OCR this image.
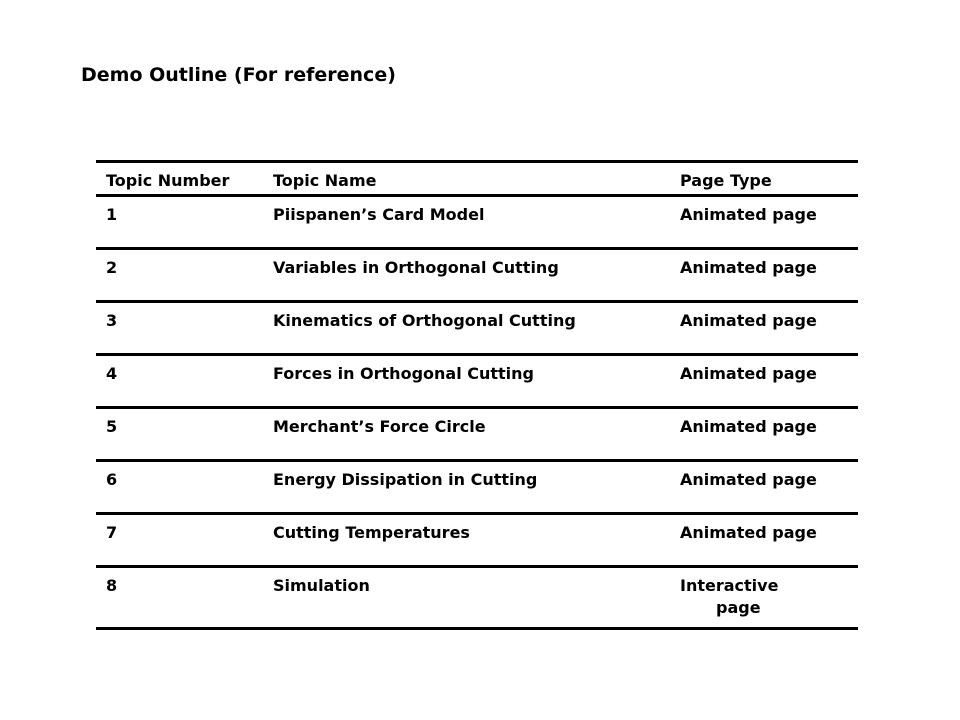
Demo Outline (For reference)
Topic Number	Topic Name	Page Type
1	Piispanen’s Card Model	Animated page
2	Variables in Orthogonal Cutting	Animated page
3	Kinematics of Orthogonal Cutting	Animated page
4	Forces in Orthogonal Cutting	Animated page
5	Merchant’s Force Circle	Animated page
6	Energy Dissipation in Cutting	Animated page
7	Cutting Temperatures	Animated page
8	Simulation	Interactive
page
